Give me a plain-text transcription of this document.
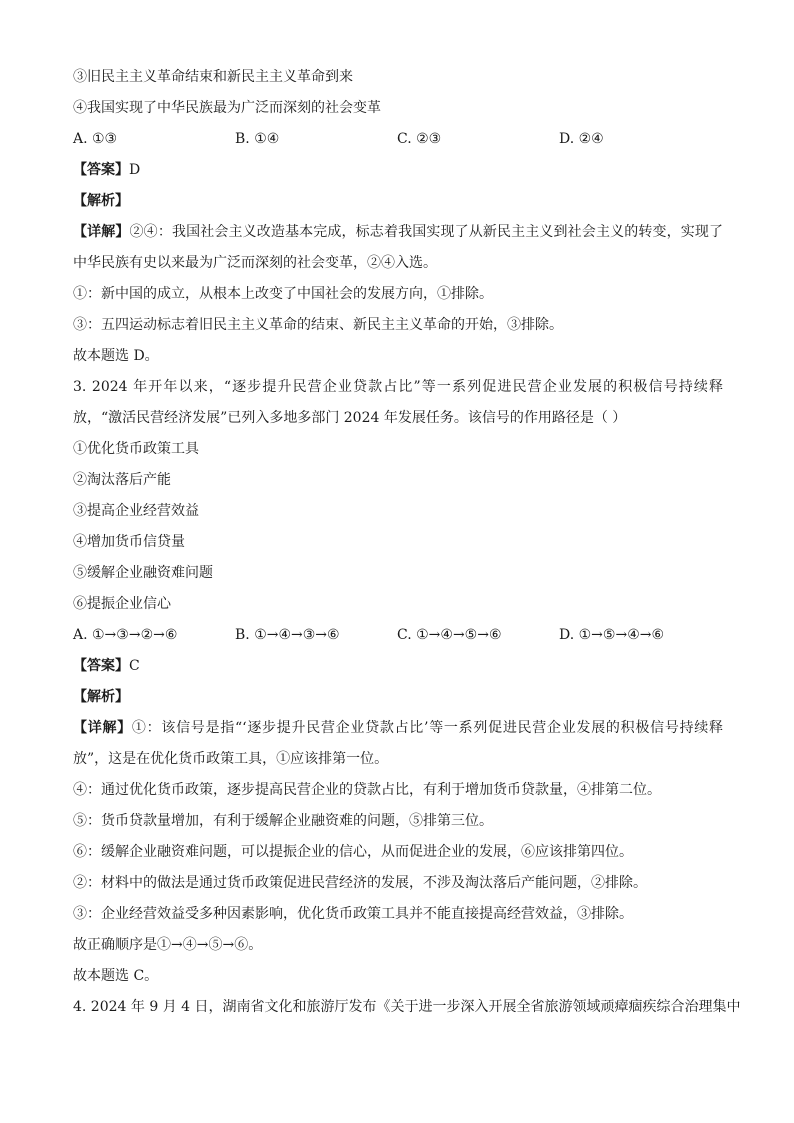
③旧民主主义革命结束和新民主主义革命到来
④我国实现了中华民族最为广泛而深刻的社会变革
A. ①③	B. ①④	C. ②③	D. ②④
【答案】D
【解析】
【详解】②④：我国社会主义改造基本完成，标志着我国实现了从新民主主义到社会主义的转变，实现了中华民族有史以来最为广泛而深刻的社会变革，②④入选。
①：新中国的成立，从根本上改变了中国社会的发展方向，①排除。
③：五四运动标志着旧民主主义革命的结束、新民主主义革命的开始，③排除。
故本题选 D。
3. 2024 年开年以来，“逐步提升民营企业贷款占比”等一系列促进民营企业发展的积极信号持续释放，“激活民营经济发展”已列入多地多部门 2024 年发展任务。该信号的作用路径是（ ）
①优化货币政策工具
②淘汰落后产能
③提高企业经营效益
④增加货币信贷量
⑤缓解企业融资难问题
⑥提振企业信心
A. ①→③→②→⑥	B. ①→④→③→⑥	C. ①→④→⑤→⑥	D. ①→⑤→④→⑥
【答案】C
【解析】
【详解】①：该信号是指“‘逐步提升民营企业贷款占比’等一系列促进民营企业发展的积极信号持续释放”，这是在优化货币政策工具，①应该排第一位。
④：通过优化货币政策，逐步提高民营企业的贷款占比，有利于增加货币贷款量，④排第二位。
⑤：货币贷款量增加，有利于缓解企业融资难的问题，⑤排第三位。
⑥：缓解企业融资难问题，可以提振企业的信心，从而促进企业的发展，⑥应该排第四位。
②：材料中的做法是通过货币政策促进民营经济的发展，不涉及淘汰落后产能问题，②排除。
③：企业经营效益受多种因素影响，优化货币政策工具并不能直接提高经营效益，③排除。
故正确顺序是①→④→⑤→⑥。
故本题选 C。
4. 2024 年 9 月 4 日，湖南省文化和旅游厅发布《关于进一步深入开展全省旅游领域顽瘴痼疾综合治理集中
